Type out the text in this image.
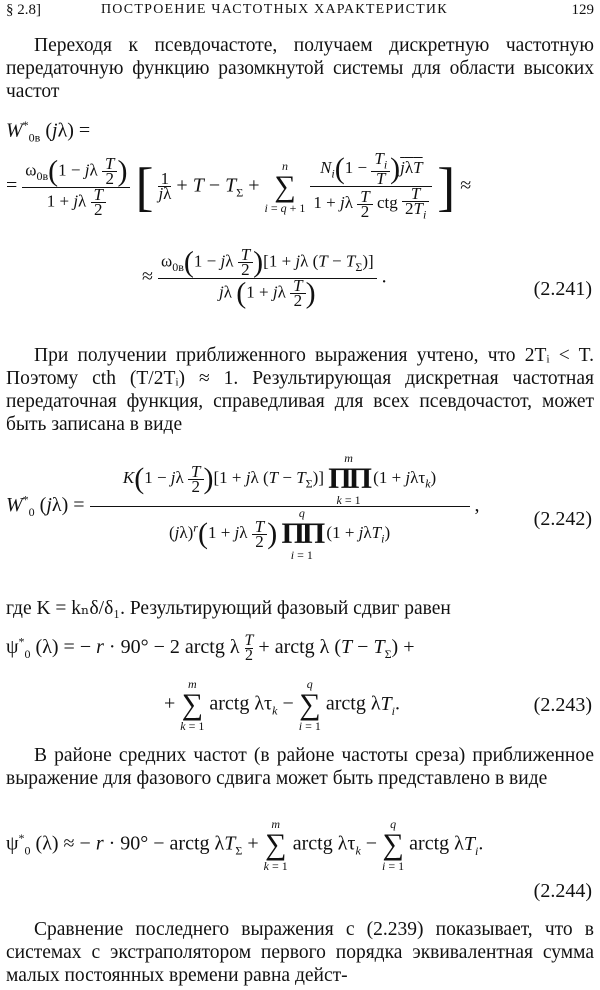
§ 2.8]	ПОСТРОЕНИЕ ЧАСТОТНЫХ ХАРАКТЕРИСТИК	129
Переходя к псевдочастоте, получаем дискретную частотную передаточную функцию разомкнутой системы для области высоких частот
$W^*_{0в}$ (jλ) =
= $\frac{\omega_{0в}(1 - j\lambda \frac{T}{2} )}{1 + j\lambda \frac{T}{2}}$ [ $\frac{1}{j\lambda} + T - T_\Sigma$ +
n
∑
i = q + 1
$\frac{N_i(1 - \frac{T_i}{T} )j\lambda T}{1 + j\lambda \frac{T}{2} ctg \frac{T}{2T_i}}$ ] ≈
≈ $\frac{\omega_{0в}(1 - j\lambda \frac{T}{2} )[1 + j\lambda (T - T_\Sigma)]}{j\lambda (1 + j\lambda \frac{T}{2} )}$ .
(2.241)
При получении приближенного выражения учтено, что 2Tᵢ < T. Поэтому cth (T/2Tᵢ) ≈ 1. Результирующая дискретная частотная передаточная функция, справедливая для всех псевдочастот, может быть записана в виде
$W^*_0$ (jλ) = K(1 − jλ $\frac{T}{2} )[1 + j\lambda$ $(T - T_\Sigma)$]
m
ΠΠ
k = 1
(1 + jλτ$_k$)
$(j\lambda)^r(1 + j\lambda \frac{T}{2}$ )
q
ΠΠ
i = 1
(1 + jλT$_i$) ,
(2.242)
где K = kₙδ/δ₁. Результирующий фазовый сдвиг равен
$\psi^*_0$ (λ) = − r · 90° − 2 arctg λ $\frac{T}{2}$ + arctg λ $(T - T_\Sigma)$ +
+
m
∑
k = 1
arctg $\lambda\tau_k$ −
q
∑
i = 1
arctg $\lambda T_i$.	(2.243)
В районе средних частот (в районе частоты среза) приближенное выражение для фазового сдвига может быть представлено в виде
$\psi^*_0$ (λ) ≈ − r · 90° − arctg $\lambda T_\Sigma$ +
m
∑
k = 1
arctg $\lambda\tau_k$ −
q
∑
i = 1
arctg $\lambda T_i$.
(2.244)
Сравнение последнего выражения с (2.239) показывает, что в системах с экстраполятором первого порядка эквивалентная сумма малых постоянных времени равна дейст-
